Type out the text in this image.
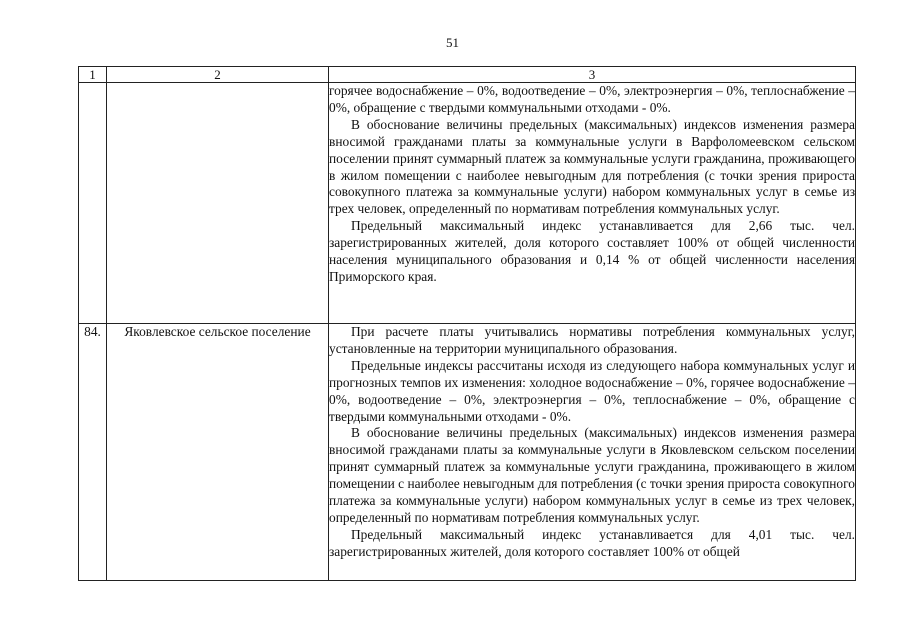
51
1	2	3

		горячее водоснабжение – 0%, водоотведение – 0%, электроэнергия – 0%, теплоснабжение – 0%, обращение с твердыми коммунальными отходами - 0%.

В обоснование величины предельных (максимальных) индексов изменения размера вносимой гражданами платы за коммунальные услуги в Варфоломеевском сельском поселении принят суммарный платеж за коммунальные услуги гражданина, проживающего в жилом помещении с наиболее невыгодным для потребления (с точки зрения прироста совокупного платежа за коммунальные услуги) набором коммунальных услуг в семье из трех человек, определенный по нормативам потребления коммунальных услуг.

Предельный максимальный индекс устанавливается для 2,66 тыс. чел. зарегистрированных жителей, доля которого составляет 100% от общей численности населения муниципального образования и 0,14 % от общей численности населения Приморского края.

84.	Яковлевское сельское поселение	При расчете платы учитывались нормативы потребления коммунальных услуг, установленные на территории муниципального образования.

Предельные индексы рассчитаны исходя из следующего набора коммунальных услуг и прогнозных темпов их изменения: холодное водоснабжение – 0%, горячее водоснабжение – 0%, водоотведение – 0%, электроэнергия – 0%, теплоснабжение – 0%, обращение с твердыми коммунальными отходами - 0%.

В обоснование величины предельных (максимальных) индексов изменения размера вносимой гражданами платы за коммунальные услуги в Яковлевском сельском поселении принят суммарный платеж за коммунальные услуги гражданина, проживающего в жилом помещении с наиболее невыгодным для потребления (с точки зрения прироста совокупного платежа за коммунальные услуги) набором коммунальных услуг в семье из трех человек, определенный по нормативам потребления коммунальных услуг.

Предельный максимальный индекс устанавливается для 4,01 тыс. чел. зарегистрированных жителей, доля которого составляет 100% от общей
